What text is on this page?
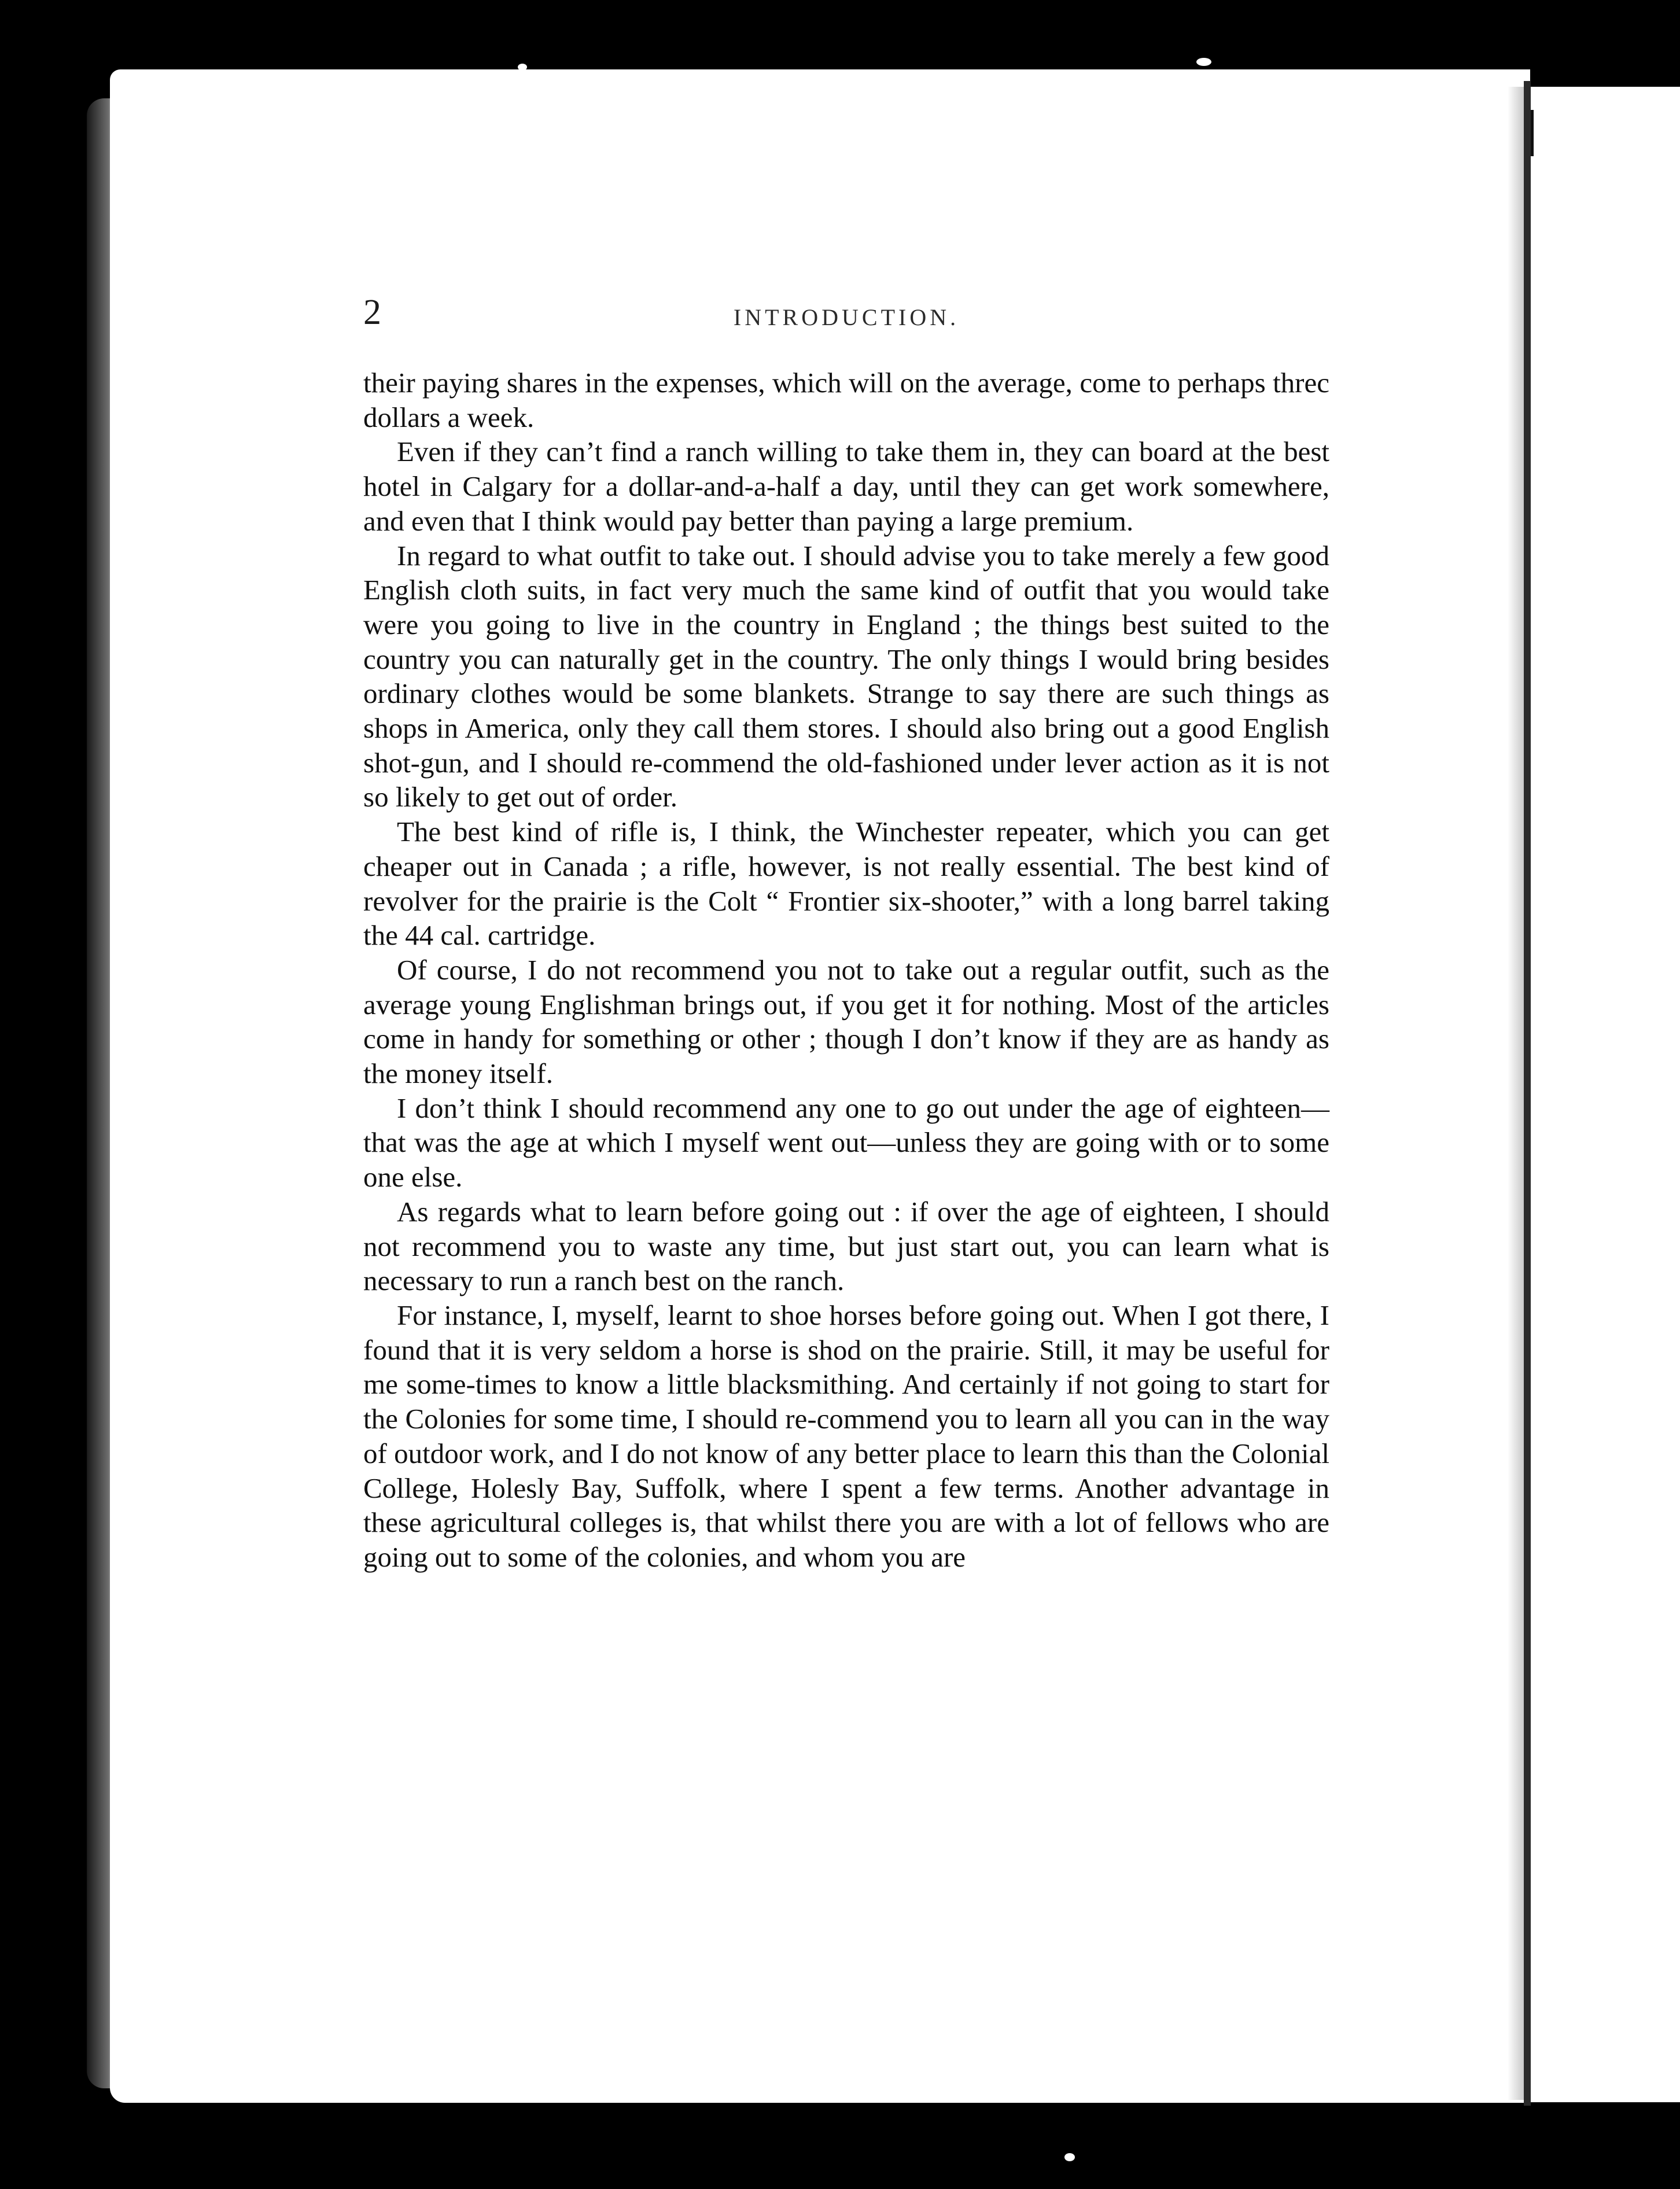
2	INTRODUCTION.

their paying shares in the expenses, which will on the average, come to perhaps threc dollars a week.

Even if they can’t find a ranch willing to take them in, they can board at the best hotel in Calgary for a dollar-and-a-half a day, until they can get work somewhere, and even that I think would pay better than paying a large premium.

In regard to what outfit to take out. I should advise you to take merely a few good English cloth suits, in fact very much the same kind of outfit that you would take were you going to live in the country in England ; the things best suited to the country you can naturally get in the country. The only things I would bring besides ordinary clothes would be some blankets. Strange to say there are such things as shops in America, only they call them stores. I should also bring out a good English shot-gun, and I should re-commend the old-fashioned under lever action as it is not so likely to get out of order.

The best kind of rifle is, I think, the Winchester repeater, which you can get cheaper out in Canada ; a rifle, however, is not really essential. The best kind of revolver for the prairie is the Colt “ Frontier six-shooter,” with a long barrel taking the 44 cal. cartridge.

Of course, I do not recommend you not to take out a regular outfit, such as the average young Englishman brings out, if you get it for nothing. Most of the articles come in handy for something or other ; though I don’t know if they are as handy as the money itself.

I don’t think I should recommend any one to go out under the age of eighteen—that was the age at which I myself went out—unless they are going with or to some one else.

As regards what to learn before going out : if over the age of eighteen, I should not recommend you to waste any time, but just start out, you can learn what is necessary to run a ranch best on the ranch.

For instance, I, myself, learnt to shoe horses before going out. When I got there, I found that it is very seldom a horse is shod on the prairie. Still, it may be useful for me some-times to know a little blacksmithing. And certainly if not going to start for the Colonies for some time, I should re-commend you to learn all you can in the way of outdoor work, and I do not know of any better place to learn this than the Colonial College, Holesly Bay, Suffolk, where I spent a few terms. Another advantage in these agricultural colleges is, that whilst there you are with a lot of fellows who are going out to some of the colonies, and whom you are
